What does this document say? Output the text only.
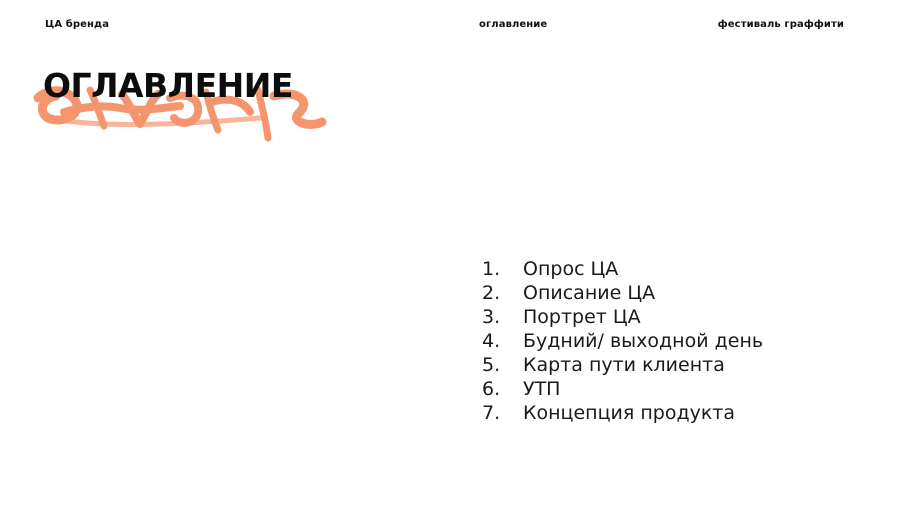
ЦА бренда	оглавление	фестиваль граффити
ОГЛАВЛЕНИЕ
1.	Опрос ЦА
2.	Описание ЦА
3.	Портрет ЦА
4.	Будний/ выходной день
5.	Карта пути клиента
6.	УТП
7.	Концепция продукта
